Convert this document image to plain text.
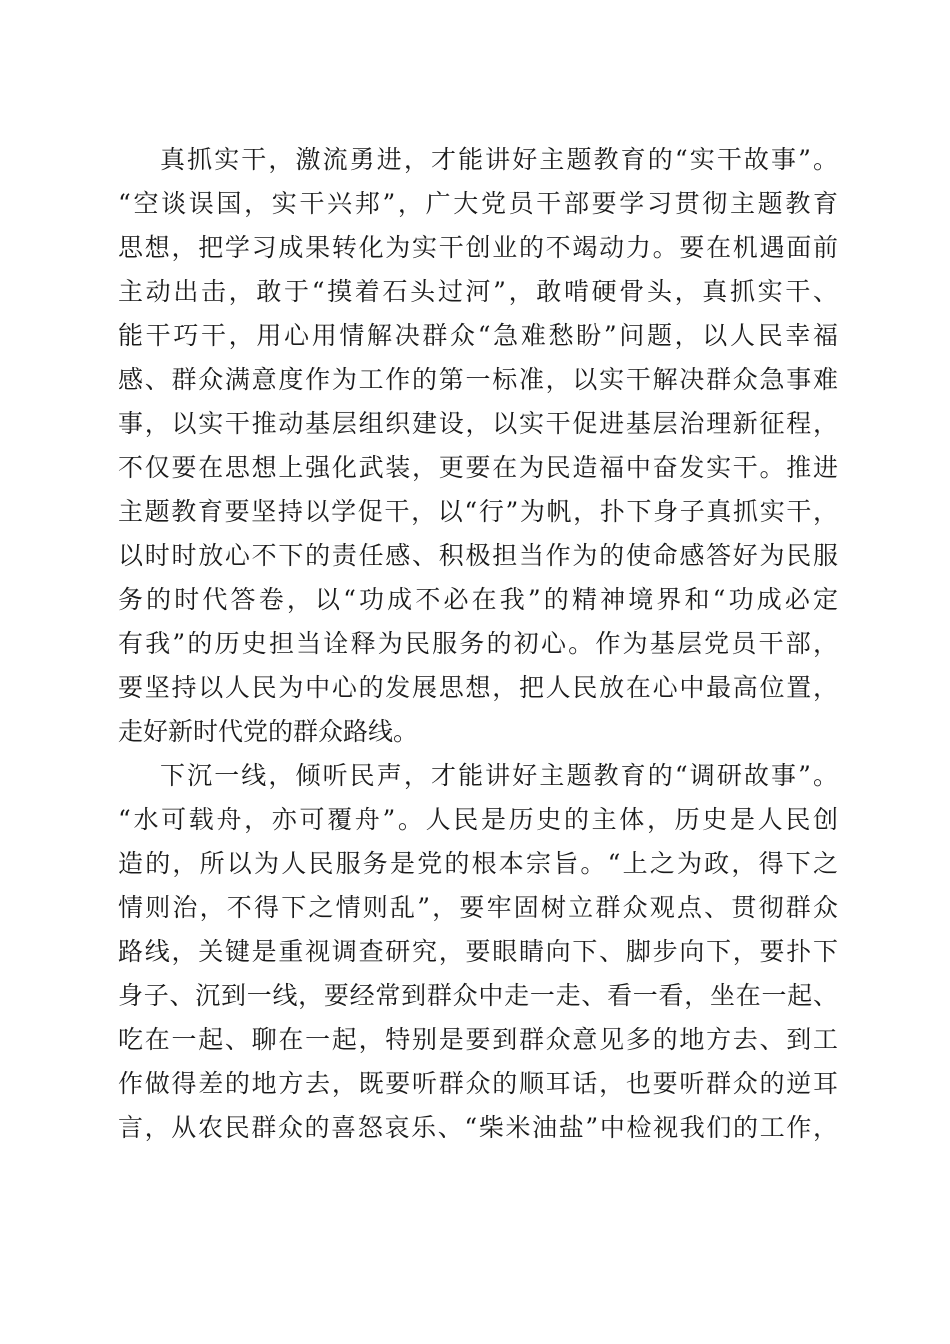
真抓实干，激流勇进，才能讲好主题教育的“实干故事”。
“空谈误国，实干兴邦”，广大党员干部要学习贯彻主题教育
思想，把学习成果转化为实干创业的不竭动力。要在机遇面前
主动出击，敢于“摸着石头过河”，敢啃硬骨头，真抓实干、
能干巧干，用心用情解决群众“急难愁盼”问题，以人民幸福
感、群众满意度作为工作的第一标准，以实干解决群众急事难
事，以实干推动基层组织建设，以实干促进基层治理新征程，
不仅要在思想上强化武装，更要在为民造福中奋发实干。推进
主题教育要坚持以学促干，以“行”为帆，扑下身子真抓实干，
以时时放心不下的责任感、积极担当作为的使命感答好为民服
务的时代答卷，以“功成不必在我”的精神境界和“功成必定
有我”的历史担当诠释为民服务的初心。作为基层党员干部，
要坚持以人民为中心的发展思想，把人民放在心中最高位置，
走好新时代党的群众路线。
下沉一线，倾听民声，才能讲好主题教育的“调研故事”。
“水可载舟，亦可覆舟”。人民是历史的主体，历史是人民创
造的，所以为人民服务是党的根本宗旨。“上之为政，得下之
情则治，不得下之情则乱”，要牢固树立群众观点、贯彻群众
路线，关键是重视调查研究，要眼睛向下、脚步向下，要扑下
身子、沉到一线，要经常到群众中走一走、看一看，坐在一起、
吃在一起、聊在一起，特别是要到群众意见多的地方去、到工
作做得差的地方去，既要听群众的顺耳话，也要听群众的逆耳
言，从农民群众的喜怒哀乐、“柴米油盐”中检视我们的工作，
